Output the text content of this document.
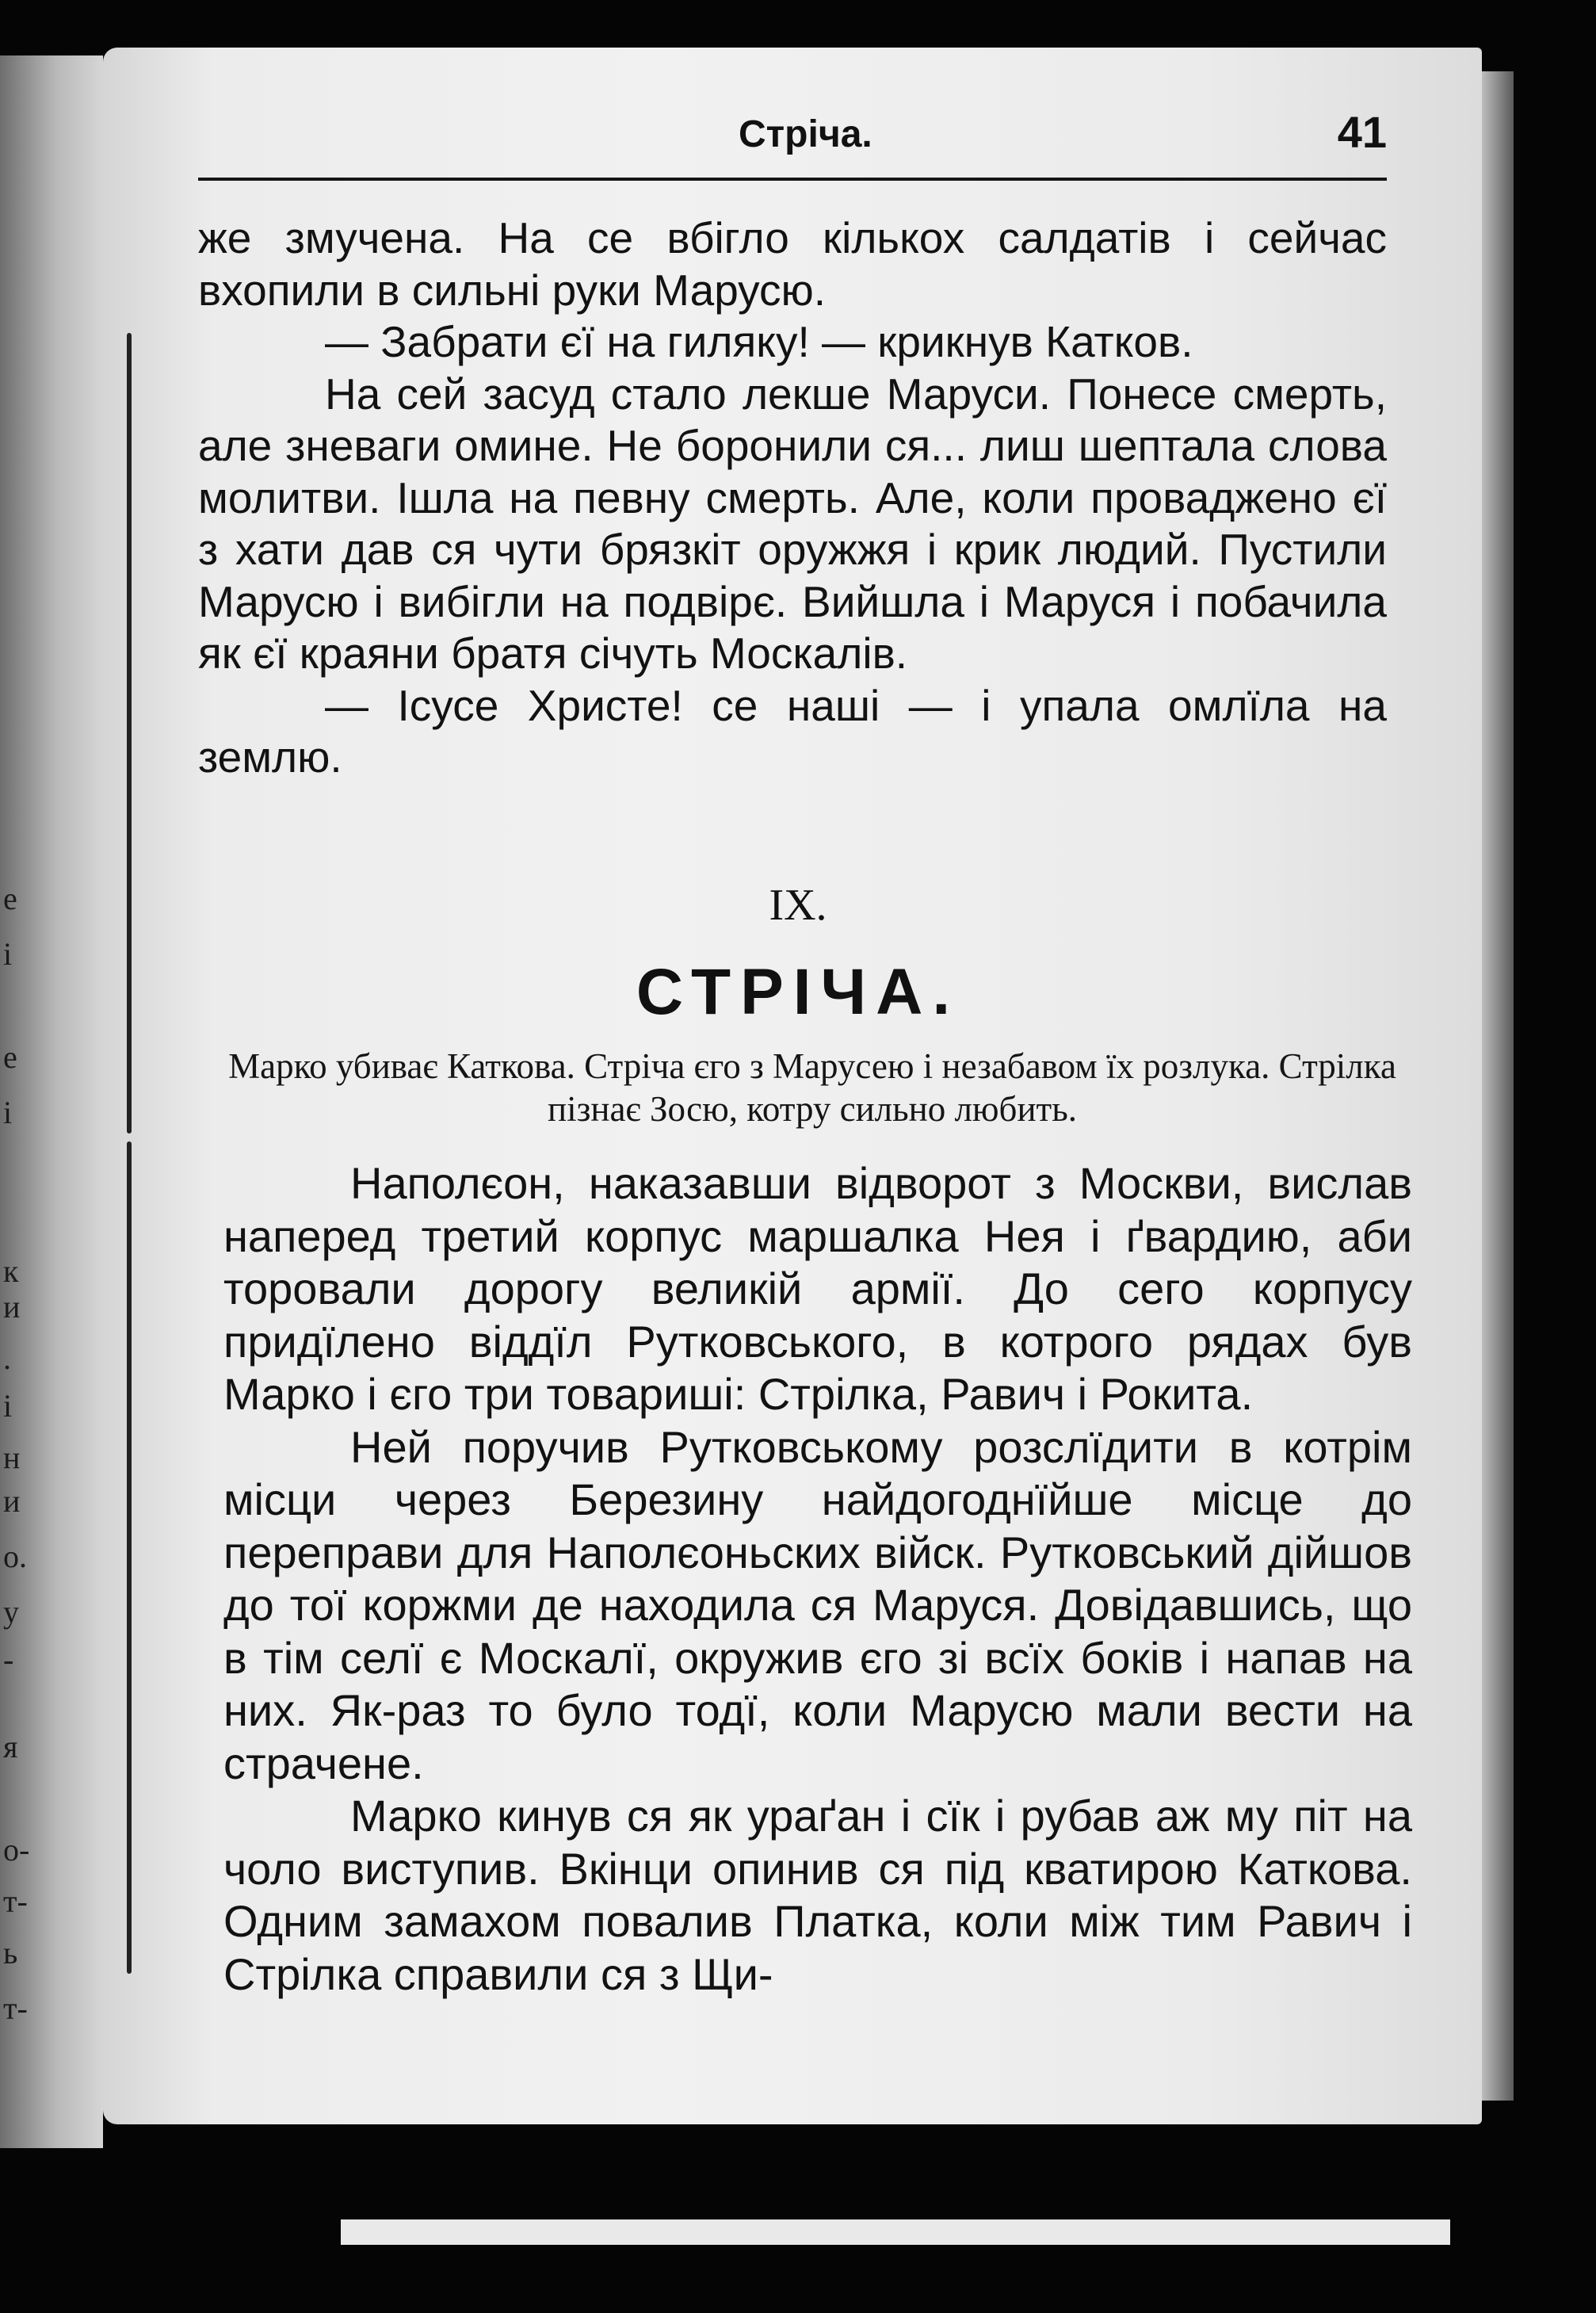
е
і
е
і
к
и
.
і
н
и
о.
у
-
я
о-
т-
ь
т-
Стріча.	41

же змучена. На се вбігло кількох салдатів і сейчас вхопили в сильні руки Марусю.

— Забрати єї на гиляку! — крикнув Катков.

На сей засуд стало лекше Маруси. Понесе смерть, але зневаги омине. Не боронили ся... лиш шептала слова молитви. Ішла на певну смерть. Але, коли проваджено єї з хати дав ся чути брязкіт оружжя і крик людий. Пустили Марусю і вибігли на подвірє. Вийшла і Маруся і побачила як єї краяни братя січуть Москалів.

— Ісусе Христе! се наші — і упала омлїла на землю.

IX.
СТРІЧА.
Марко убиває Каткова. Стріча єго з Марусею і незабавом їх розлука. Стрілка пізнає Зосю, котру сильно любить.

Наполєон, наказавши відворот з Москви, вислав наперед третий корпус маршалка Нея і ґвардию, аби торовали дорогу великій армії. До сего корпусу придїлено віддїл Рутковського, в котрого рядах був Марко і єго три товариші: Стрілка, Равич і Рокита.

Ней поручив Рутковському розслїдити в котрім місци через Березину найдогоднїйше місце до переправи для Наполєоньских війск. Рутковський дійшов до тої коржми де находила ся Маруся. Довідавшись, що в тім селї є Москалї, окружив єго зі всїх боків і напав на них. Як-раз то було тодї, коли Марусю мали вести на страчене.

Марко кинув ся як ураґан і сїк і рубав аж му піт на чоло виступив. Вкінци опинив ся під кватирою Каткова. Одним замахом повалив Платка, коли між тим Равич і Стрілка справили ся з Щи-
